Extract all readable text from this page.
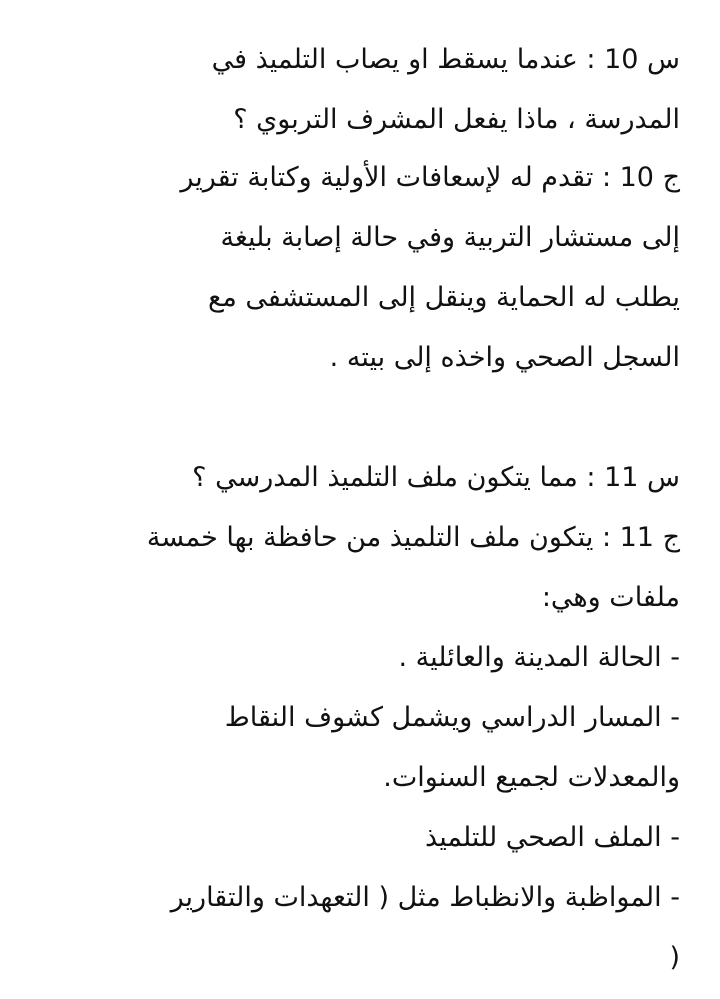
س 10 : عندما يسقط او يصاب التلميذ في
المدرسة ، ماذا يفعل المشرف التربوي ؟
ج 10 : تقدم له لإسعافات الأولية وكتابة تقرير
إلى مستشار التربية وفي حالة إصابة بليغة
يطلب له الحماية وينقل إلى المستشفى مع
السجل الصحي واخذه إلى بيته .
س 11 : مما يتكون ملف التلميذ المدرسي ؟
ج 11 : يتكون ملف التلميذ من حافظة بها خمسة
ملفات وهي:
- الحالة المدينة والعائلية .
- المسار الدراسي ويشمل كشوف النقاط
والمعدلات لجميع السنوات.
- الملف الصحي للتلميذ
- المواظبة والانظباط مثل ( التعهدات والتقارير
)
